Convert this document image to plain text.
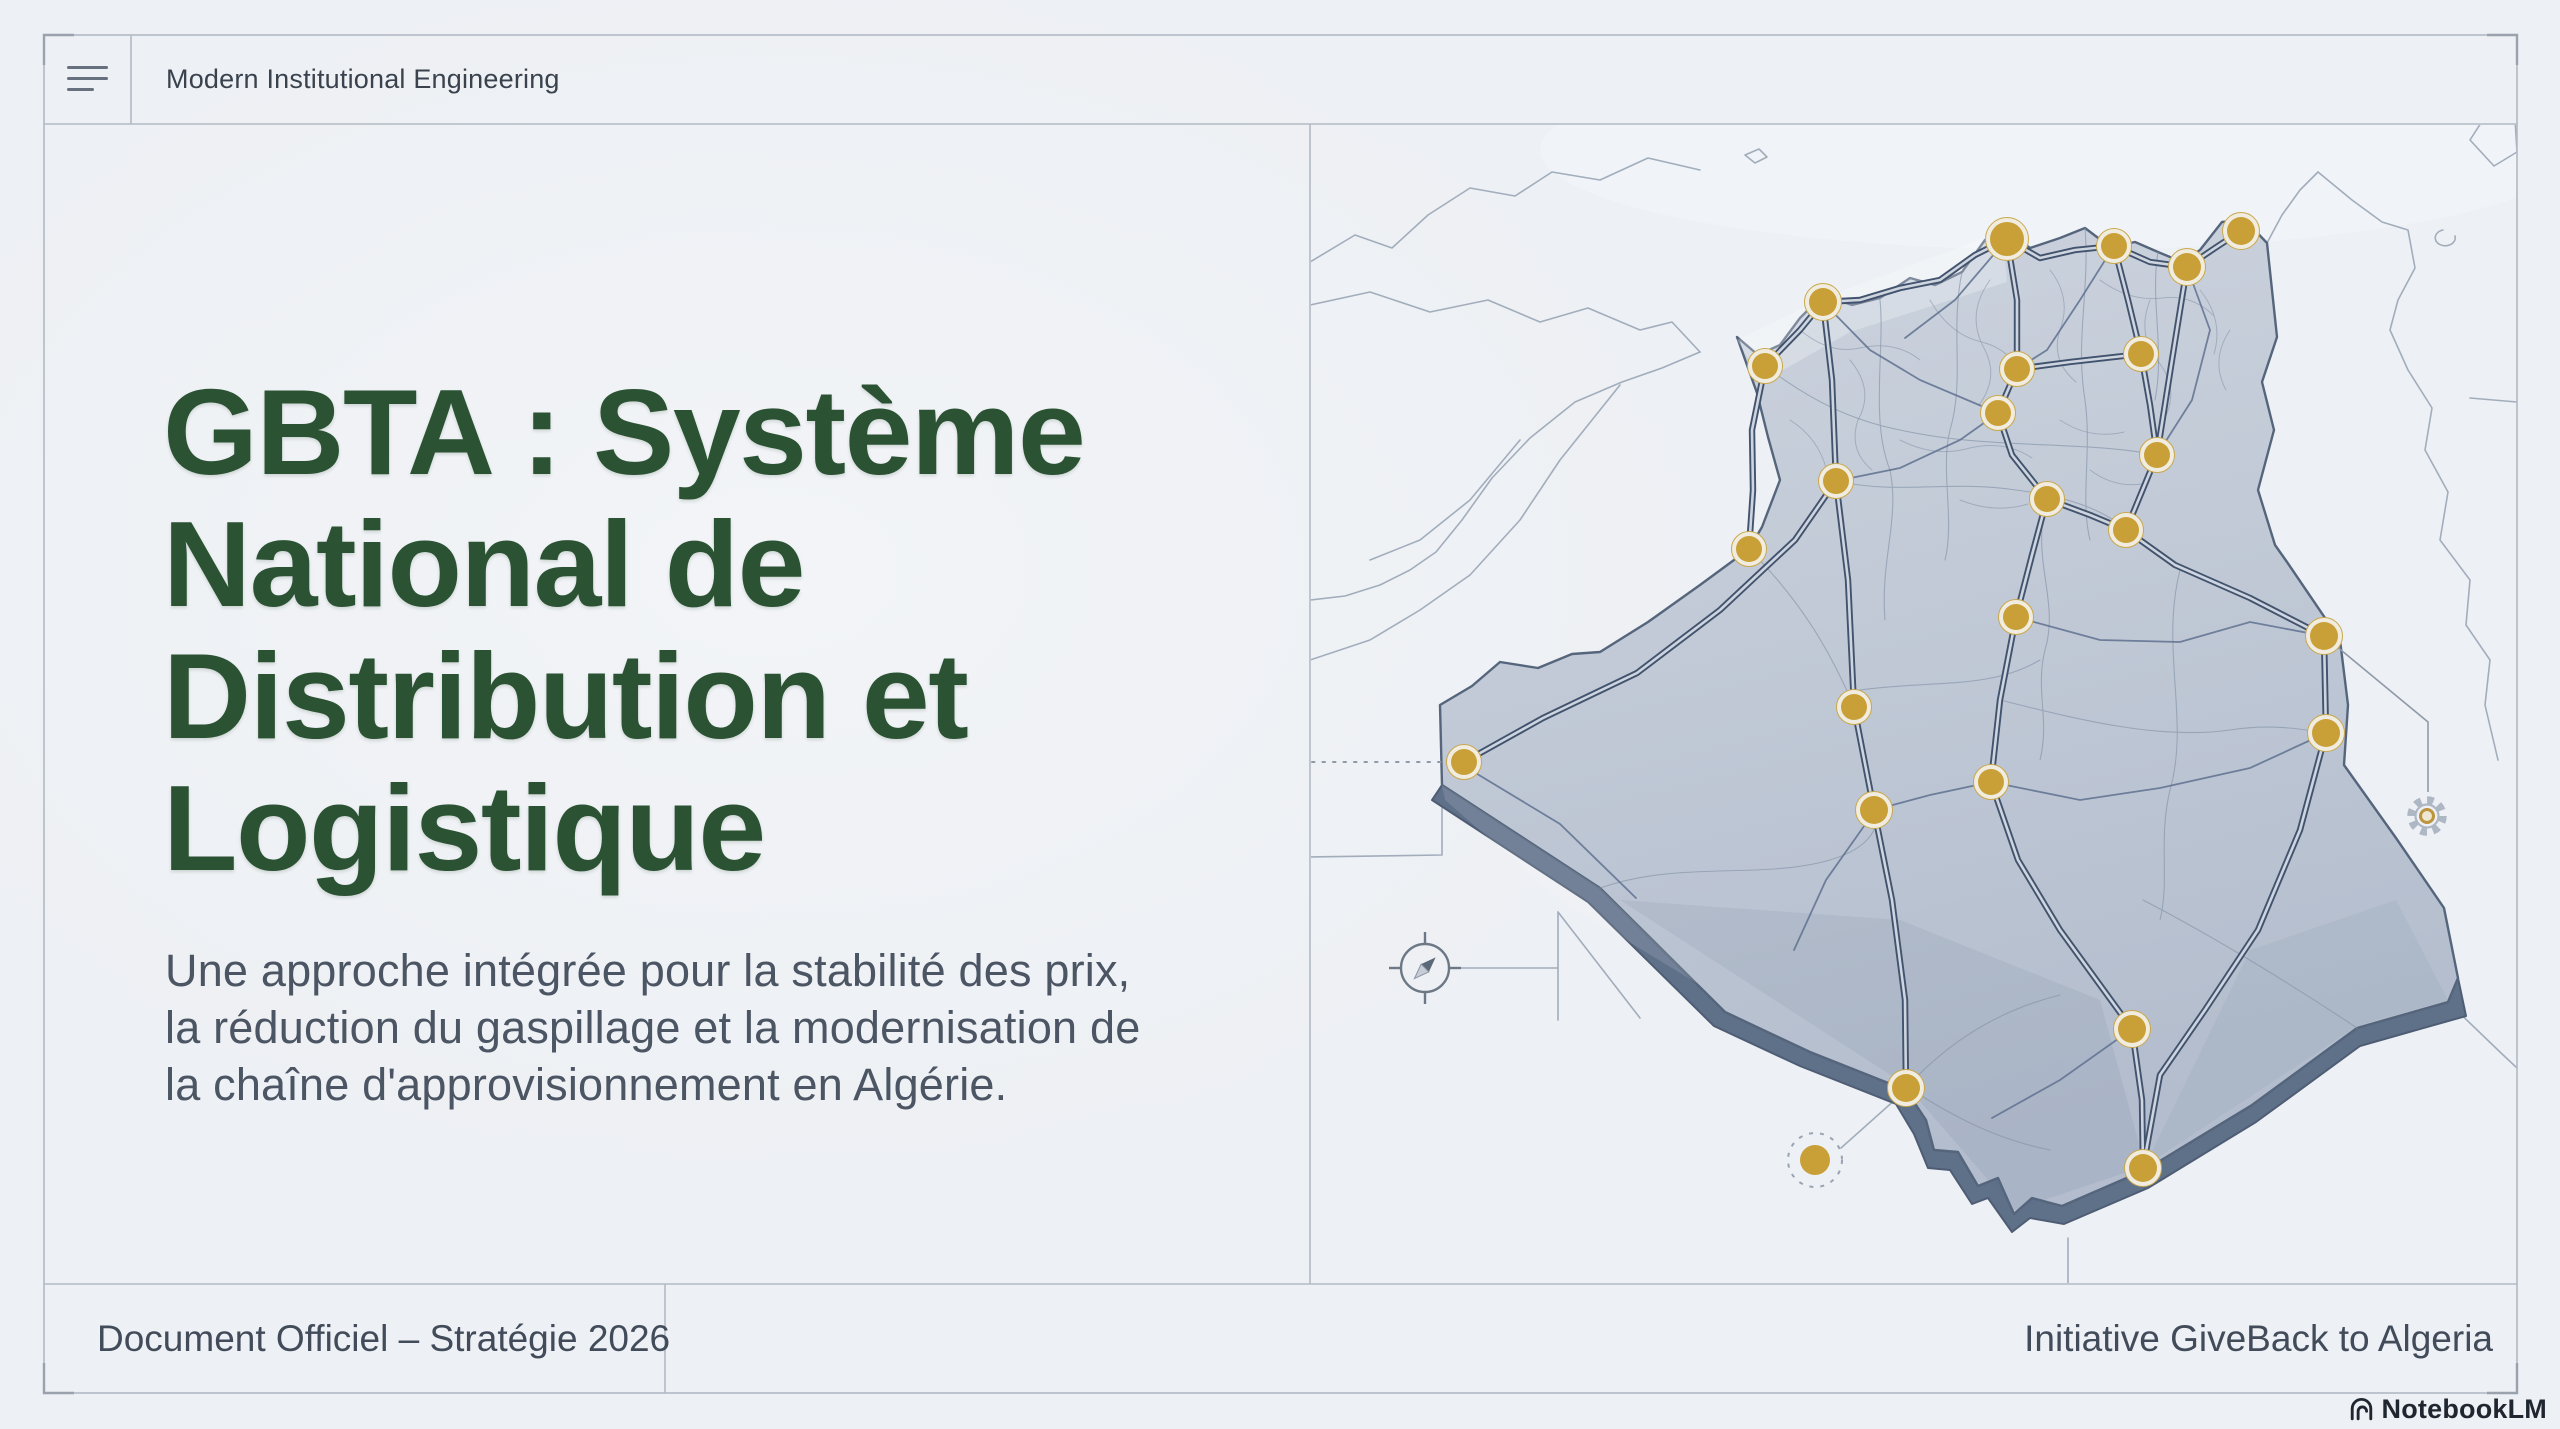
Modern Institutional Engineering
GBTA : Système
National de
Distribution et
Logistique
Une approche intégrée pour la stabilité des prix,
la réduction du gaspillage et la modernisation de
la chaîne d'approvisionnement en Algérie.
Document Officiel – Stratégie 2026	Initiative GiveBack to Algeria
NotebookLM
